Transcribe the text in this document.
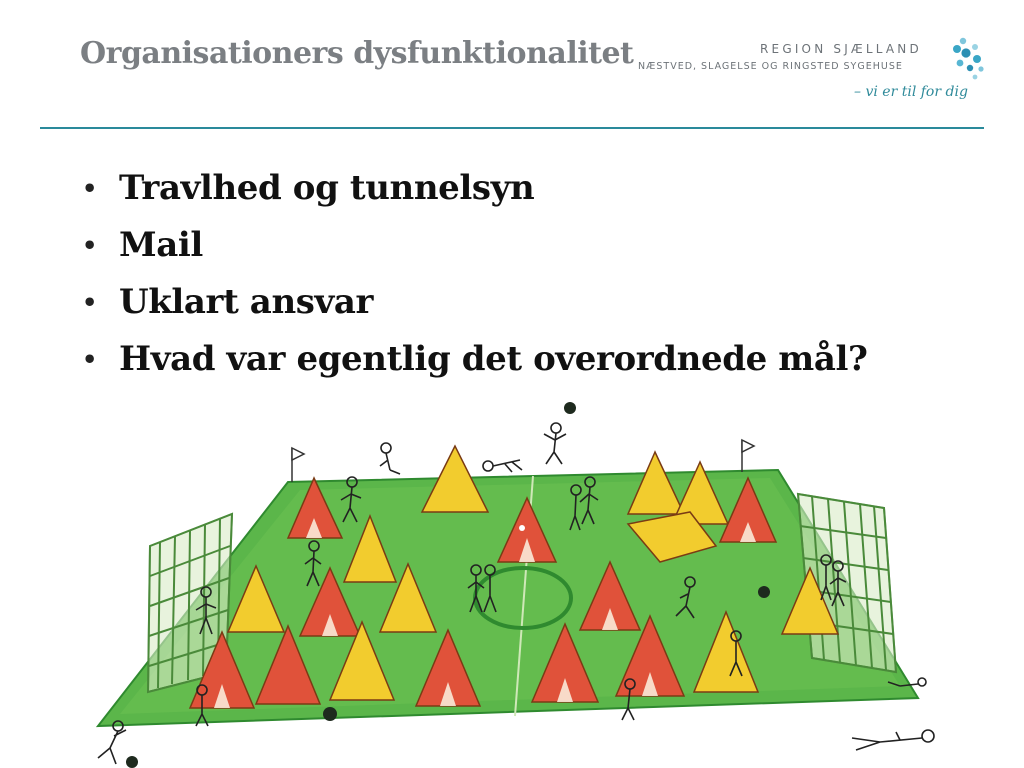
Organisationers dysfunktionalitet	REGION SJÆLLAND
NÆSTVED, SLAGELSE OG RINGSTED SYGEHUSE
– vi er til for dig
• Travlhed og tunnelsyn
• Mail
• Uklart ansvar
• Hvad var egentlig det overordnede mål?
